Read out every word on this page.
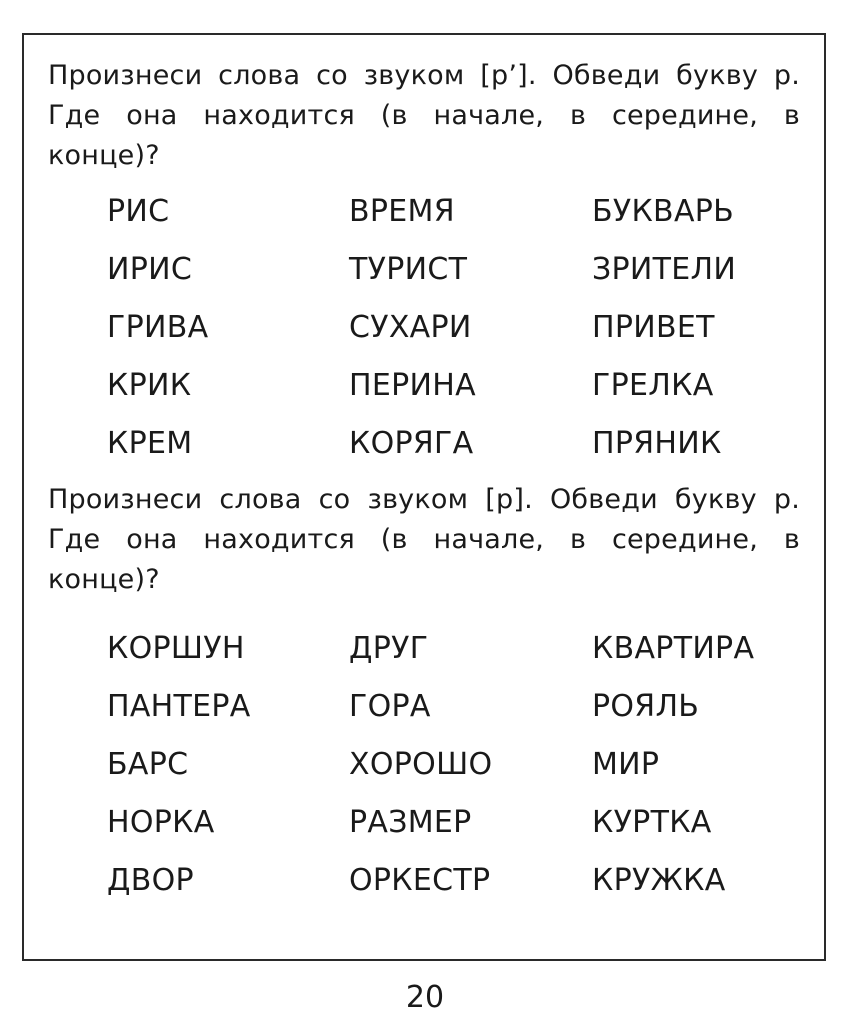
Произнеси слова со звуком [р’]. Обведи букву р. Где она находится (в начале, в середине, в конце)?

РИС	ВРЕМЯ	БУКВАРЬ
ИРИС	ТУРИСТ	ЗРИТЕЛИ
ГРИВА	СУХАРИ	ПРИВЕТ
КРИК	ПЕРИНА	ГРЕЛКА
КРЕМ	КОРЯГА	ПРЯНИК

Произнеси слова со звуком [р]. Обведи букву р. Где она находится (в начале, в середине, в конце)?

КОРШУН	ДРУГ	КВАРТИРА
ПАНТЕРА	ГОРА	РОЯЛЬ
БАРС	ХОРОШО	МИР
НОРКА	РАЗМЕР	КУРТКА
ДВОР	ОРКЕСТР	КРУЖКА
20
